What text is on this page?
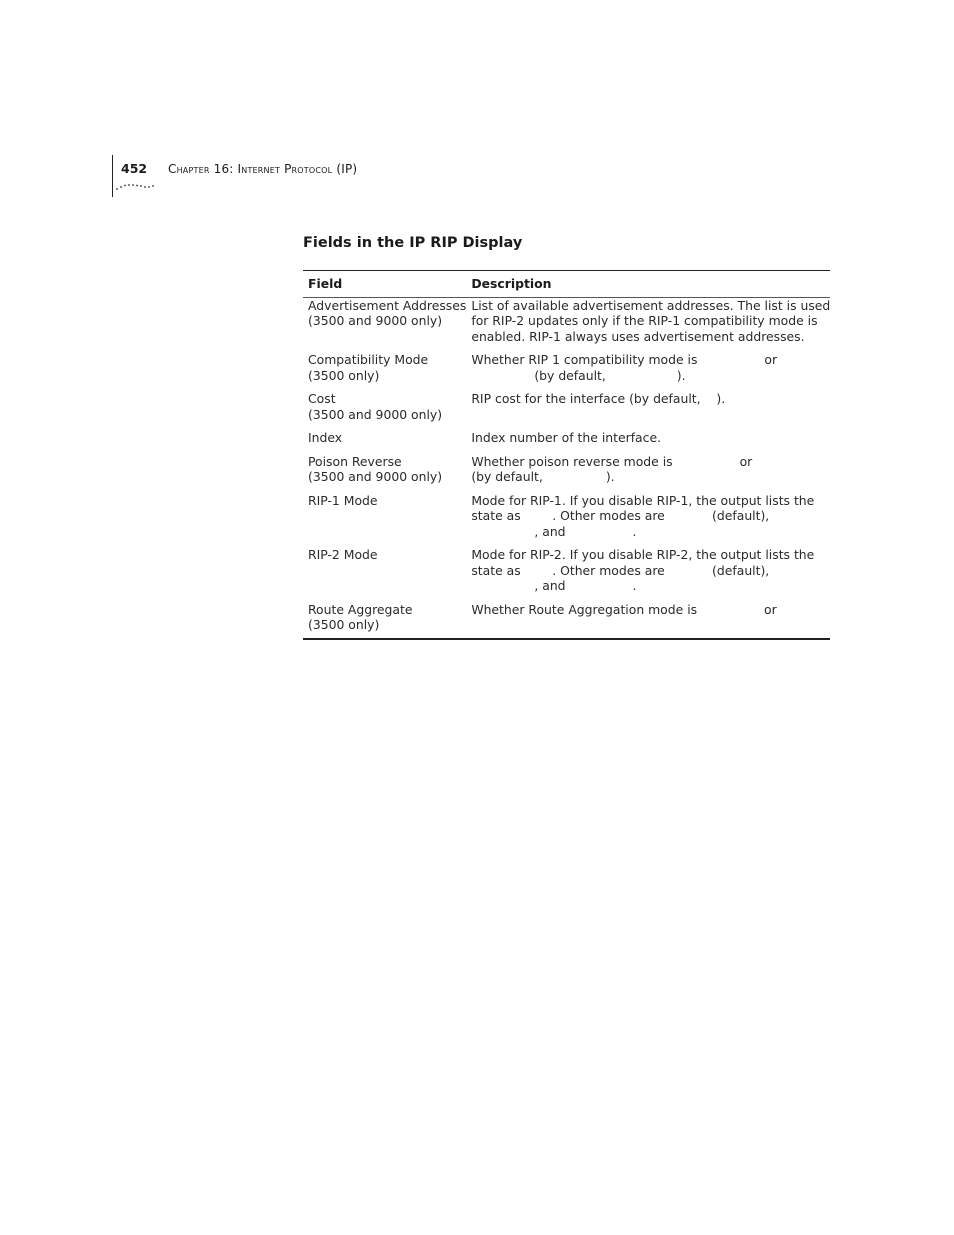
452 Chapter 16: Internet Protocol (IP)
Fields in the IP RIP Display
Field	Description

Advertisement Addresses
(3500 and 9000 only)	List of available advertisement addresses. The list is used
for RIP-2 updates only if the RIP-1 compatibility mode is
enabled. RIP-1 always uses advertisement addresses.

Compatibility Mode
(3500 only)	Whether RIP 1 compatibility mode is                 or
(by default,                  ).

Cost
(3500 and 9000 only)	RIP cost for the interface (by default,    ).

Index	Index number of the interface.

Poison Reverse
(3500 and 9000 only)	Whether poison reverse mode is                 or
(by default,                ).

RIP-1 Mode	Mode for RIP-1. If you disable RIP-1, the output lists the
state as        . Other modes are            (default),
, and                 .

RIP-2 Mode	Mode for RIP-2. If you disable RIP-2, the output lists the
state as        . Other modes are            (default),
, and                 .

Route Aggregate
(3500 only)	Whether Route Aggregation mode is                 or
